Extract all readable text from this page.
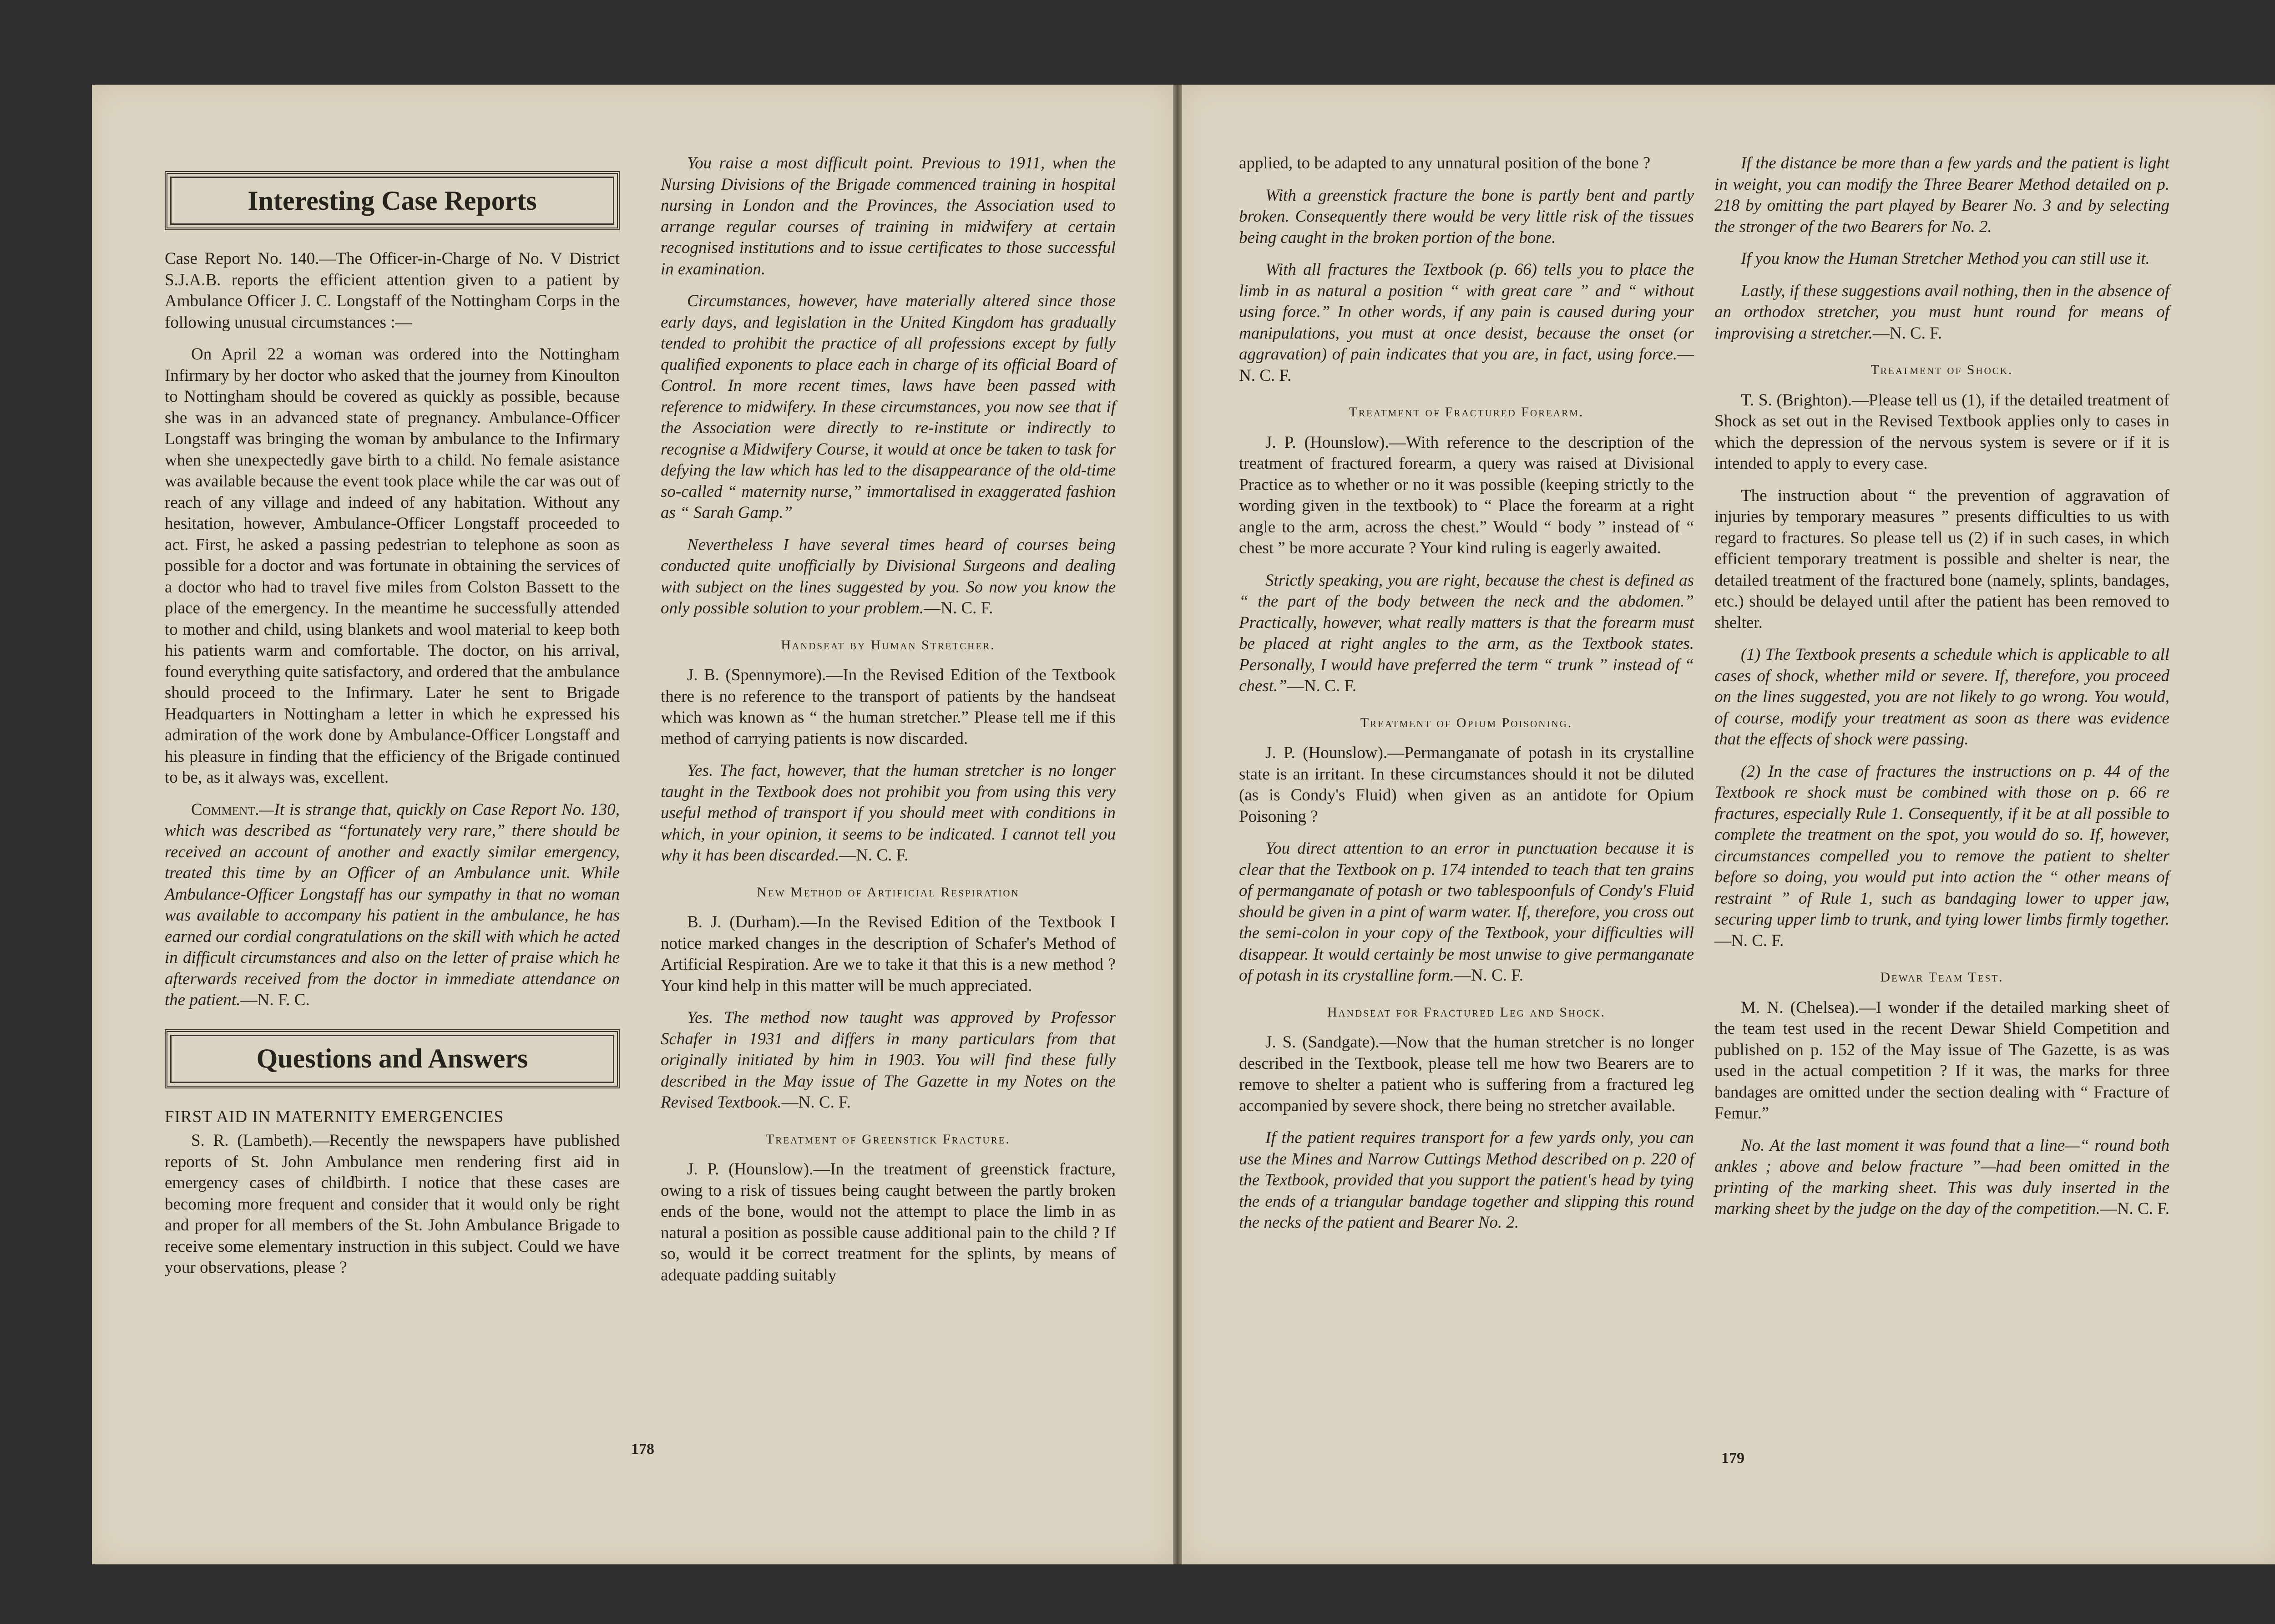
Interesting Case Reports

Case Report No. 140.—The Officer-in-Charge of No. V District S.J.A.B. reports the efficient attention given to a patient by Ambulance Officer J. C. Longstaff of the Nottingham Corps in the following unusual circumstances :—

On April 22 a woman was ordered into the Nottingham Infirmary by her doctor who asked that the journey from Kinoulton to Nottingham should be covered as quickly as possible, because she was in an advanced state of pregnancy. Ambulance-Officer Longstaff was bringing the woman by ambulance to the Infirmary when she unexpectedly gave birth to a child. No female asistance was available because the event took place while the car was out of reach of any village and indeed of any habitation. Without any hesitation, however, Ambulance-Officer Longstaff proceeded to act. First, he asked a passing pedestrian to telephone as soon as possible for a doctor and was fortunate in obtaining the services of a doctor who had to travel five miles from Colston Bassett to the place of the emergency. In the meantime he successfully attended to mother and child, using blankets and wool material to keep both his patients warm and comfortable. The doctor, on his arrival, found everything quite satisfactory, and ordered that the ambulance should proceed to the Infirmary. Later he sent to Brigade Headquarters in Nottingham a letter in which he expressed his admiration of the work done by Ambulance-Officer Longstaff and his pleasure in finding that the efficiency of the Brigade continued to be, as it always was, excellent.

Comment.—It is strange that, quickly on Case Report No. 130, which was described as “fortunately very rare,” there should be received an account of another and exactly similar emergency, treated this time by an Officer of an Ambulance unit. While Ambulance-Officer Longstaff has our sympathy in that no woman was available to accompany his patient in the ambulance, he has earned our cordial congratulations on the skill with which he acted in difficult circumstances and also on the letter of praise which he afterwards received from the doctor in immediate attendance on the patient.—N. F. C.

Questions and Answers
FIRST AID IN MATERNITY EMERGENCIES

S. R. (Lambeth).—Recently the newspapers have published reports of St. John Ambulance men rendering first aid in emergency cases of childbirth. I notice that these cases are becoming more frequent and consider that it would only be right and proper for all members of the St. John Ambulance Brigade to receive some elementary instruction in this subject. Could we have your observations, please ?

You raise a most difficult point. Previous to 1911, when the Nursing Divisions of the Brigade commenced training in hospital nursing in London and the Provinces, the Association used to arrange regular courses of training in midwifery at certain recognised institutions and to issue certificates to those successful in examination.

Circumstances, however, have materially altered since those early days, and legislation in the United Kingdom has gradually tended to prohibit the practice of all professions except by fully qualified exponents to place each in charge of its official Board of Control. In more recent times, laws have been passed with reference to midwifery. In these circumstances, you now see that if the Association were directly to re-institute or indirectly to recognise a Midwifery Course, it would at once be taken to task for defying the law which has led to the disappearance of the old-time so-called “ maternity nurse,” immortalised in exaggerated fashion as “ Sarah Gamp.”

Nevertheless I have several times heard of courses being conducted quite unofficially by Divisional Surgeons and dealing with subject on the lines suggested by you. So now you know the only possible solution to your problem.—N. C. F.

Handseat by Human Stretcher.

J. B. (Spennymore).—In the Revised Edition of the Textbook there is no reference to the transport of patients by the handseat which was known as “ the human stretcher.” Please tell me if this method of carrying patients is now discarded.

Yes. The fact, however, that the human stretcher is no longer taught in the Textbook does not prohibit you from using this very useful method of transport if you should meet with conditions in which, in your opinion, it seems to be indicated. I cannot tell you why it has been discarded.—N. C. F.

New Method of Artificial Respiration

B. J. (Durham).—In the Revised Edition of the Textbook I notice marked changes in the description of Schafer's Method of Artificial Respiration. Are we to take it that this is a new method ? Your kind help in this matter will be much appreciated.

Yes. The method now taught was approved by Professor Schafer in 1931 and differs in many particulars from that originally initiated by him in 1903. You will find these fully described in the May issue of The Gazette in my Notes on the Revised Textbook.—N. C. F.

Treatment of Greenstick Fracture.

J. P. (Hounslow).—In the treatment of greenstick fracture, owing to a risk of tissues being caught between the partly broken ends of the bone, would not the attempt to place the limb in as natural a position as possible cause additional pain to the child ? If so, would it be correct treatment for the splints, by means of adequate padding suitably

178

applied, to be adapted to any unnatural position of the bone ?

With a greenstick fracture the bone is partly bent and partly broken. Consequently there would be very little risk of the tissues being caught in the broken portion of the bone.

With all fractures the Textbook (p. 66) tells you to place the limb in as natural a position “ with great care ” and “ without using force.” In other words, if any pain is caused during your manipulations, you must at once desist, because the onset (or aggravation) of pain indicates that you are, in fact, using force.—N. C. F.

Treatment of Fractured Forearm.

J. P. (Hounslow).—With reference to the description of the treatment of fractured forearm, a query was raised at Divisional Practice as to whether or no it was possible (keeping strictly to the wording given in the textbook) to “ Place the forearm at a right angle to the arm, across the chest.” Would “ body ” instead of “ chest ” be more accurate ? Your kind ruling is eagerly awaited.

Strictly speaking, you are right, because the chest is defined as “ the part of the body between the neck and the abdomen.” Practically, however, what really matters is that the forearm must be placed at right angles to the arm, as the Textbook states. Personally, I would have preferred the term “ trunk ” instead of “ chest.”—N. C. F.

Treatment of Opium Poisoning.

J. P. (Hounslow).—Permanganate of potash in its crystalline state is an irritant. In these circumstances should it not be diluted (as is Condy's Fluid) when given as an antidote for Opium Poisoning ?

You direct attention to an error in punctuation because it is clear that the Textbook on p. 174 intended to teach that ten grains of permanganate of potash or two tablespoonfuls of Condy's Fluid should be given in a pint of warm water. If, therefore, you cross out the semi-colon in your copy of the Textbook, your difficulties will disappear. It would certainly be most unwise to give permanganate of potash in its crystalline form.—N. C. F.

Handseat for Fractured Leg and Shock.

J. S. (Sandgate).—Now that the human stretcher is no longer described in the Textbook, please tell me how two Bearers are to remove to shelter a patient who is suffering from a fractured leg accompanied by severe shock, there being no stretcher available.

If the patient requires transport for a few yards only, you can use the Mines and Narrow Cuttings Method described on p. 220 of the Textbook, provided that you support the patient's head by tying the ends of a triangular bandage together and slipping this round the necks of the patient and Bearer No. 2.

If the distance be more than a few yards and the patient is light in weight, you can modify the Three Bearer Method detailed on p. 218 by omitting the part played by Bearer No. 3 and by selecting the stronger of the two Bearers for No. 2.

If you know the Human Stretcher Method you can still use it.

Lastly, if these suggestions avail nothing, then in the absence of an orthodox stretcher, you must hunt round for means of improvising a stretcher.—N. C. F.

Treatment of Shock.

T. S. (Brighton).—Please tell us (1), if the detailed treatment of Shock as set out in the Revised Textbook applies only to cases in which the depression of the nervous system is severe or if it is intended to apply to every case.

The instruction about “ the prevention of aggravation of injuries by temporary measures ” presents difficulties to us with regard to fractures. So please tell us (2) if in such cases, in which efficient temporary treatment is possible and shelter is near, the detailed treatment of the fractured bone (namely, splints, bandages, etc.) should be delayed until after the patient has been removed to shelter.

(1) The Textbook presents a schedule which is applicable to all cases of shock, whether mild or severe. If, therefore, you proceed on the lines suggested, you are not likely to go wrong. You would, of course, modify your treatment as soon as there was evidence that the effects of shock were passing.

(2) In the case of fractures the instructions on p. 44 of the Textbook re shock must be combined with those on p. 66 re fractures, especially Rule 1. Consequently, if it be at all possible to complete the treatment on the spot, you would do so. If, however, circumstances compelled you to remove the patient to shelter before so doing, you would put into action the “ other means of restraint ” of Rule 1, such as bandaging lower to upper jaw, securing upper limb to trunk, and tying lower limbs firmly together.—N. C. F.

Dewar Team Test.

M. N. (Chelsea).—I wonder if the detailed marking sheet of the team test used in the recent Dewar Shield Competition and published on p. 152 of the May issue of The Gazette, is as was used in the actual competition ? If it was, the marks for three bandages are omitted under the section dealing with “ Fracture of Femur.”

No. At the last moment it was found that a line—“ round both ankles ; above and below fracture ”—had been omitted in the printing of the marking sheet. This was duly inserted in the marking sheet by the judge on the day of the competition.—N. C. F.

179
